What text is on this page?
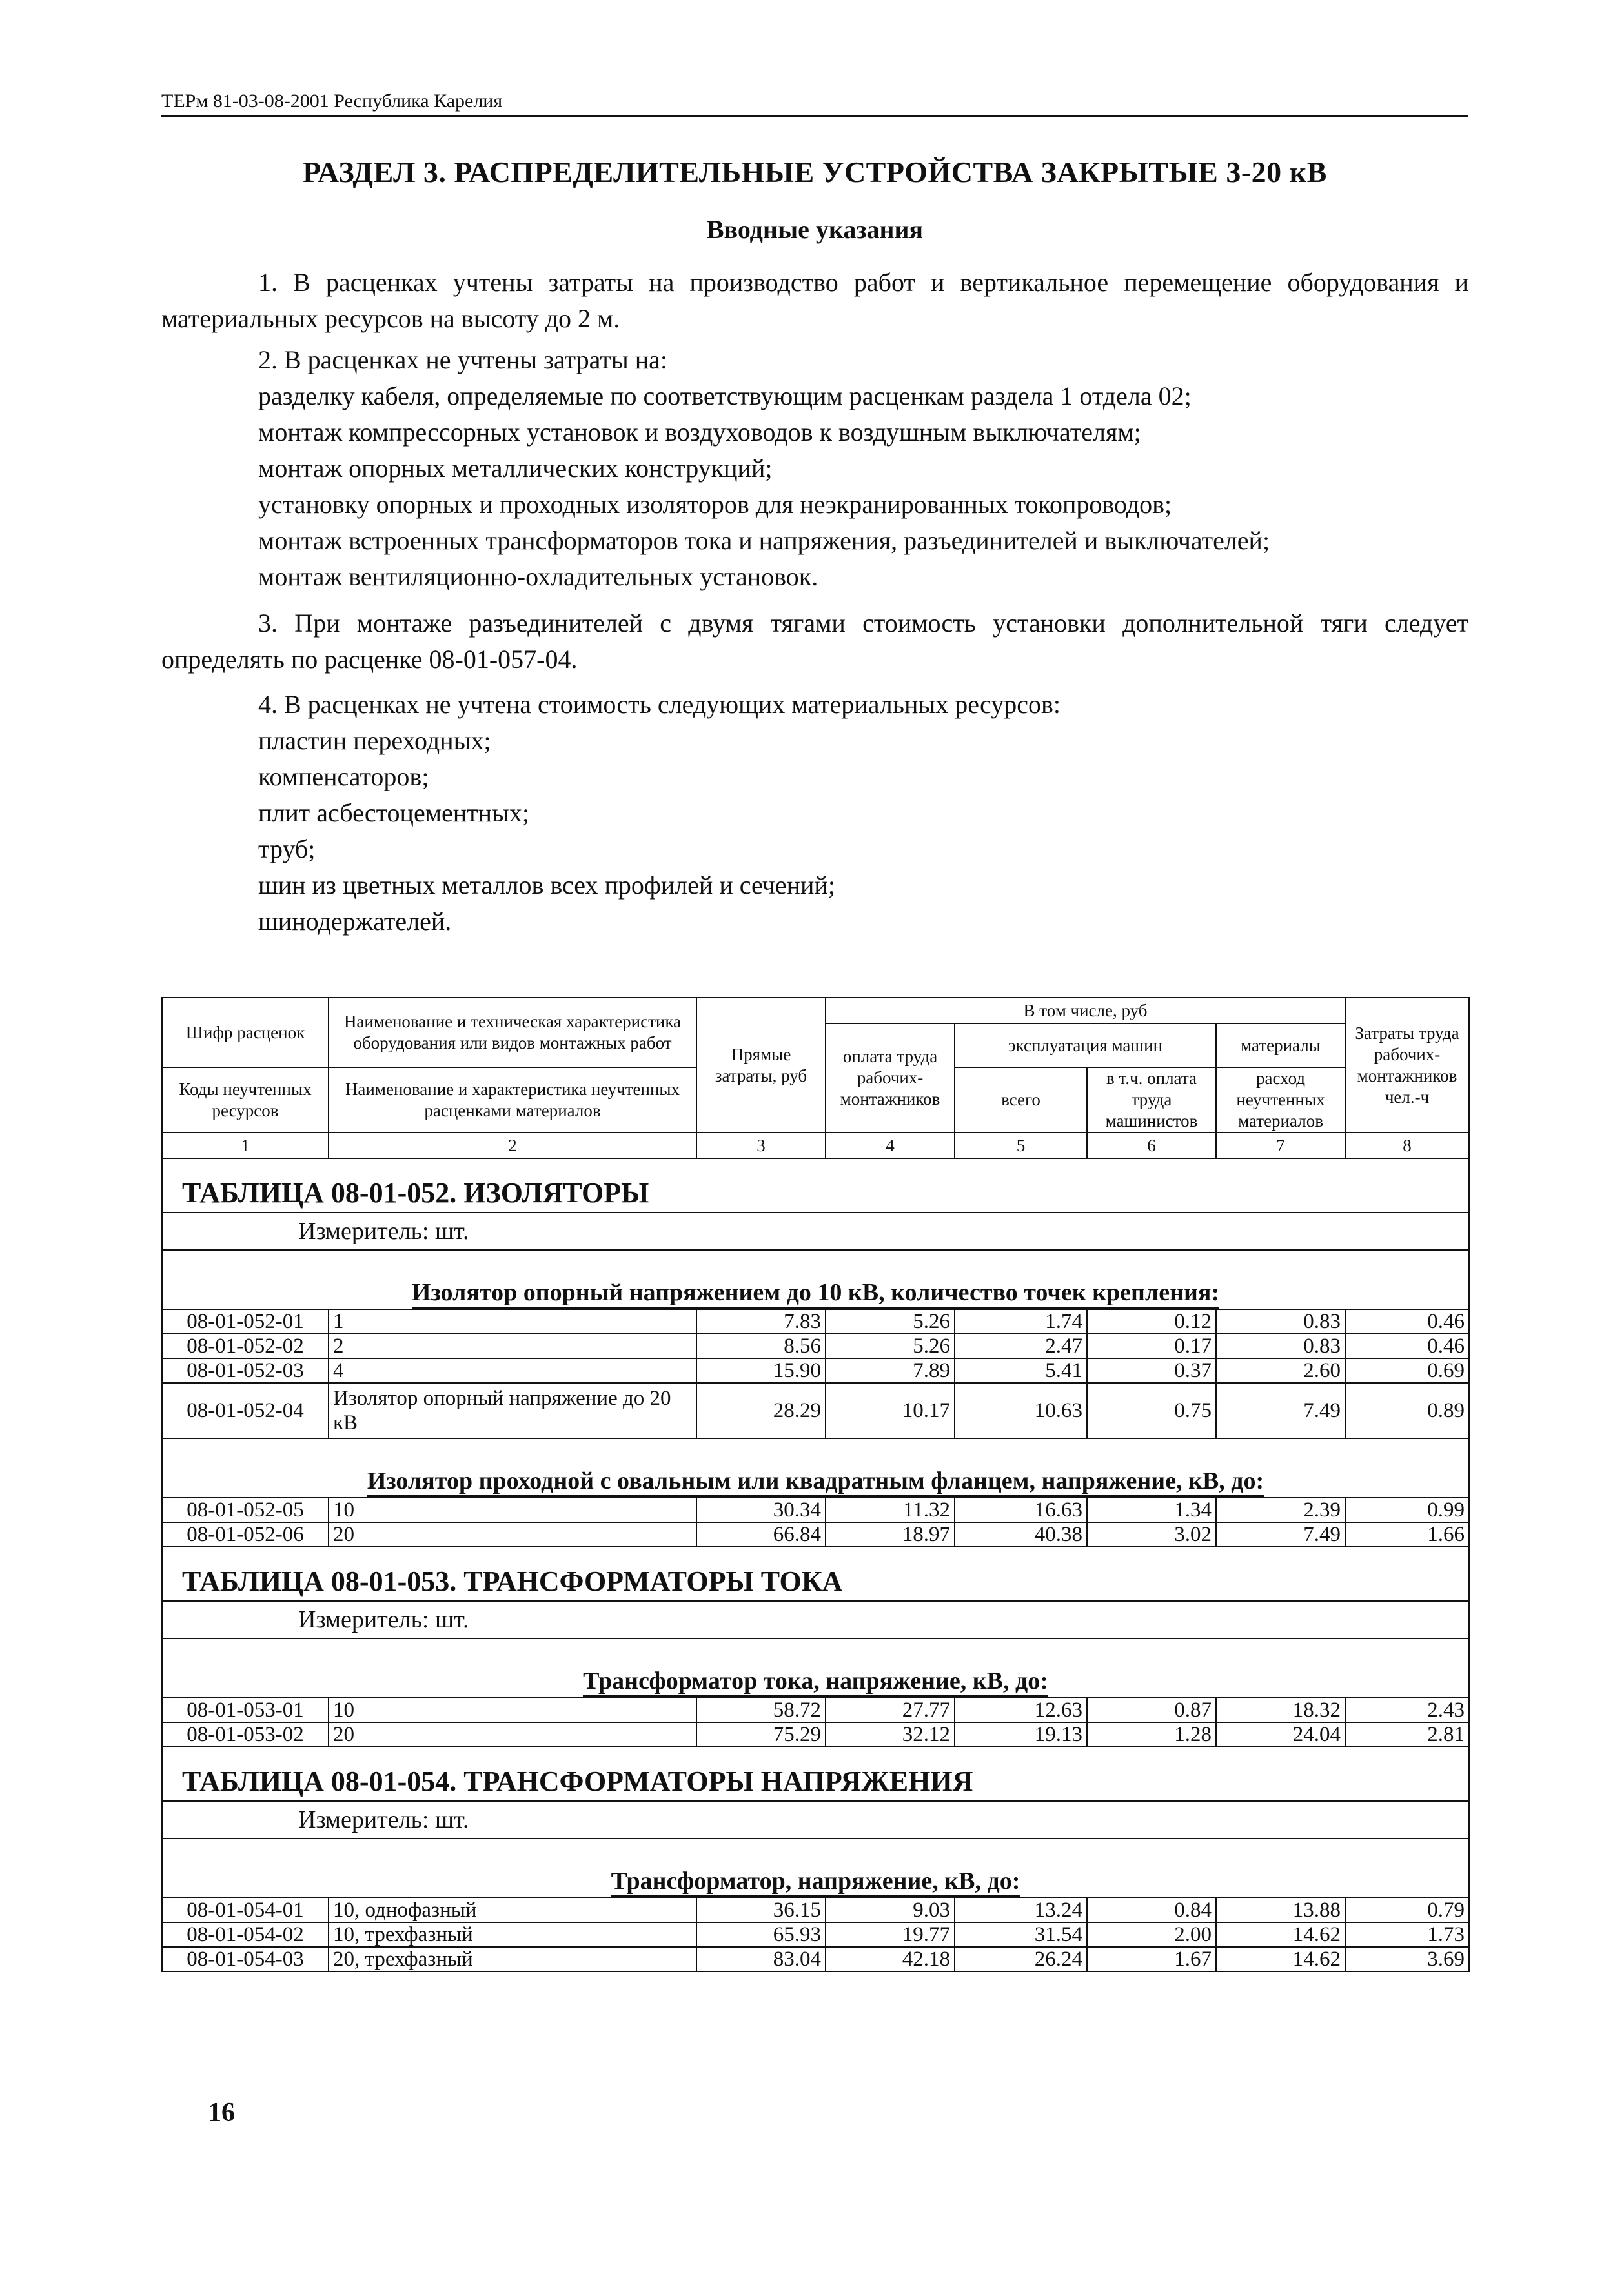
ТЕРм 81-03-08-2001 Республика Карелия
РАЗДЕЛ 3. РАСПРЕДЕЛИТЕЛЬНЫЕ УСТРОЙСТВА ЗАКРЫТЫЕ 3-20 кВ
Вводные указания

1. В расценках учтены затраты на производство работ и вертикальное перемещение оборудования и материальных ресурсов на высоту до 2 м.

2. В расценках не учтены затраты на:

разделку кабеля, определяемые по соответствующим расценкам раздела 1 отдела 02;
монтаж компрессорных установок и воздуховодов к воздушным выключателям;
монтаж опорных металлических конструкций;
установку опорных и проходных изоляторов для неэкранированных токопроводов;
монтаж встроенных трансформаторов тока и напряжения, разъединителей и выключателей;
монтаж вентиляционно-охладительных установок.

3. При монтаже разъединителей с двумя тягами стоимость установки дополнительной тяги следует определять по расценке 08-01-057-04.

4. В расценках не учтена стоимость следующих материальных ресурсов:

пластин переходных;
компенсаторов;
плит асбестоцементных;
труб;
шин из цветных металлов всех профилей и сечений;
шинодержателей.
Шифр расценок	Наименование и техническая характеристика оборудования или видов монтажных работ	Прямые затраты, руб	В том числе, руб				Затраты труда рабочих-монтажников чел.-ч
			оплата труда рабочих-монтажников	эксплуатация машин		материалы	
Коды неучтенных ресурсов	Наименование и характеристика неучтенных расценками материалов			всего	в т.ч. оплата труда машинистов	расход неучтенных материалов	

1	2	3	4	5	6	7	8
ТАБЛИЦА 08-01-052. ИЗОЛЯТОРЫ							
Измеритель: шт.							
Изолятор опорный напряжением до 10 кВ, количество точек крепления:							
08-01-052-01	1	7.83	5.26	1.74	0.12	0.83	0.46
08-01-052-02	2	8.56	5.26	2.47	0.17	0.83	0.46
08-01-052-03	4	15.90	7.89	5.41	0.37	2.60	0.69
08-01-052-04	Изолятор опорный напряжение до 20 кВ	28.29	10.17	10.63	0.75	7.49	0.89
Изолятор проходной с овальным или квадратным фланцем, напряжение, кВ, до:							
08-01-052-05	10	30.34	11.32	16.63	1.34	2.39	0.99
08-01-052-06	20	66.84	18.97	40.38	3.02	7.49	1.66
ТАБЛИЦА 08-01-053. ТРАНСФОРМАТОРЫ ТОКА							
Измеритель: шт.							
Трансформатор тока, напряжение, кВ, до:							
08-01-053-01	10	58.72	27.77	12.63	0.87	18.32	2.43
08-01-053-02	20	75.29	32.12	19.13	1.28	24.04	2.81
ТАБЛИЦА 08-01-054. ТРАНСФОРМАТОРЫ НАПРЯЖЕНИЯ							
Измеритель: шт.							
Трансформатор, напряжение, кВ, до:							
08-01-054-01	10, однофазный	36.15	9.03	13.24	0.84	13.88	0.79
08-01-054-02	10, трехфазный	65.93	19.77	31.54	2.00	14.62	1.73
08-01-054-03	20, трехфазный	83.04	42.18	26.24	1.67	14.62	3.69
16
